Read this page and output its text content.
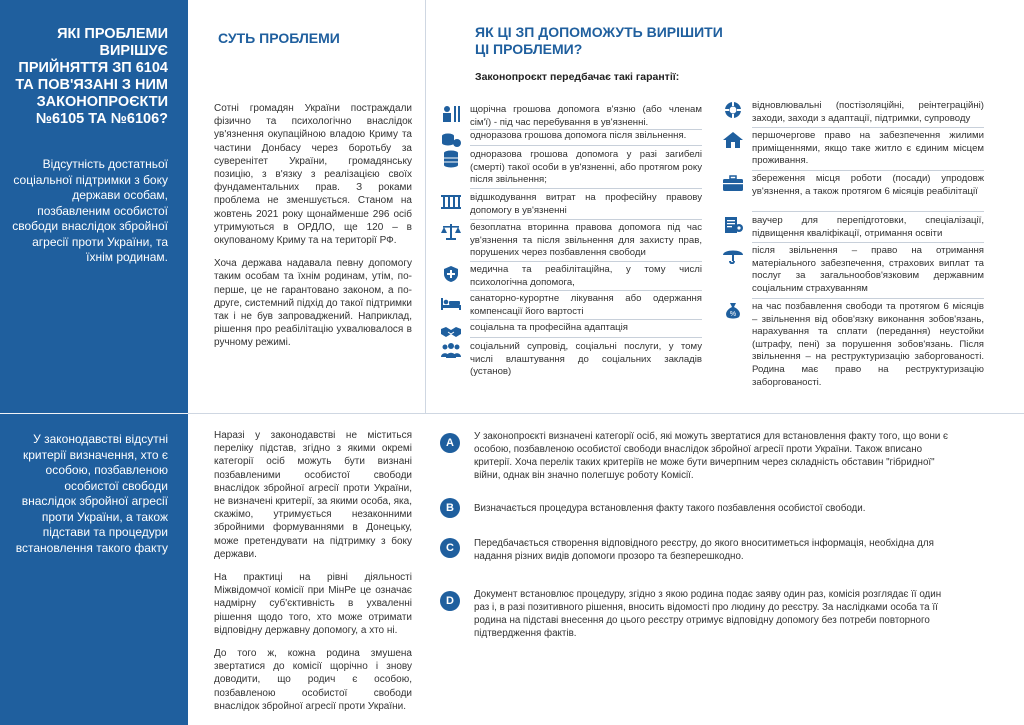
ЯКІ ПРОБЛЕМИ ВИРІШУЄ ПРИЙНЯТТЯ ЗП 6104 ТА ПОВ'ЯЗАНІ З НИМ ЗАКОНОПРОЄКТИ №6105 ТА №6106?
Відсутність достатньої соціальної підтримки з боку держави особам, позбавленим особистої свободи внаслідок збройної агресії проти України, та їхнім родинам.
У законодавстві відсутні критерії визначення, хто є особою, позбавленою особистої свободи внаслідок збройної агресії проти України, а також підстави та процедури встановлення такого факту
СУТЬ ПРОБЛЕМИ

Сотні громадян України постраждали фізично та психологічно внаслідок ув'язнення окупаційною владою Криму та частини Донбасу через боротьбу за суверенітет України, громадянську позицію, з в'язку з реалізацією своїх фундаментальних прав. З роками проблема не зменшується. Станом на жовтень 2021 року щонайменше 296 осіб утримуються в ОРДЛО, ще 120 – в окупованому Криму та на території РФ.

Хоча держава надавала певну допомогу таким особам та їхнім родинам, утім, по-перше, це не гарантовано законом, а по-друге, системний підхід до такої підтримки так і не був запроваджений. Наприклад, рішення про реабілітацію ухвалювалося в ручному режимі.

ЯК ЦІ ЗП ДОПОМОЖУТЬ ВИРІШИТИ ЦІ ПРОБЛЕМИ?
Законопроєкт передбачає такі гарантії:
щорічна грошова допомога в'язню (або членам сім'ї) - під час перебування в ув'язненні.
одноразова грошова допомога після звільнення.
одноразова грошова допомога у разі загибелі (смерті) такої особи в ув'язненні, або протягом року після звільнення;
відшкодування витрат на професійну правову допомогу в ув'язненні
безоплатна вторинна правова допомога під час ув'язнення та після звільнення для захисту прав, порушених через позбавлення свободи
медична та реабілітаційна, у тому числі психологічна допомога,
санаторно-курортне лікування або одержання компенсації його вартості
соціальна та професійна адаптація
соціальний супровід, соціальні послуги, у тому числі влаштування до соціальних закладів (установ)
відновлювальні (постізоляційні, реінтеграційні) заходи, заходи з адаптації, підтримки, супроводу
першочергове право на забезпечення жилими приміщеннями, якщо таке житло є єдиним місцем проживання.
збереження місця роботи (посади) упродовж ув'язнення, а також протягом 6 місяців реабілітації
ваучер для перепідготовки, спеціалізації, підвищення кваліфікації, отримання освіти
після звільнення – право на отримання матеріального забезпечення, страхових виплат та послуг за загальнообов'язковим державним соціальним страхуванням
%
на час позбавлення свободи та протягом 6 місяців – звільнення від обов'язку виконання зобов'язань, нарахування та сплати (передання) неустойки (штрафу, пені) за порушення зобов'язань. Після звільнення – на реструктуризацію заборгованості. Родина має право на реструктуризацію заборгованості.

Наразі у законодавстві не міститься переліку підстав, згідно з якими окремі категорії осіб можуть бути визнані позбавленими особистої свободи внаслідок збройної агресії проти України, не визначені критерії, за якими особа, яка, скажімо, утримується незаконними збройними формуваннями в Донецьку, може претендувати на підтримку з боку держави.

На практиці на рівні діяльності Міжвідомчої комісії при МінРе це означає надмірну суб'єктивність в ухваленні рішення щодо того, хто може отримати відповідну державну допомогу, а хто ні.

До того ж, кожна родина змушена звертатися до комісії щорічно і знову доводити, що родич є особою, позбавленою особистої свободи внаслідок збройної агресії проти України.

A
У законопроєкті визначені категорії осіб, які можуть звертатися для встановлення факту того, що вони є особою, позбавленою особистої свободи внаслідок збройної агресії проти України. Також вписано критерії. Хоча перелік таких критеріїв не може бути вичерпним через складність обставин "гібридної" війни, однак він значно полегшує роботу Комісії.
B	Визначається процедура встановлення факту такого позбавлення особистої свободи.
C	Передбачається створення відповідного реєстру, до якого вноситиметься інформація, необхідна для надання різних видів допомоги прозоро та безперешкодно.
D
Документ встановлює процедуру, згідно з якою родина подає заяву один раз, комісія розглядає її один раз і, в разі позитивного рішення, вносить відомості про людину до реєстру. За наслідками особа та її родина на підставі внесення до цього реєстру отримує відповідну допомогу без потреби повторного підтвердження фактів.
